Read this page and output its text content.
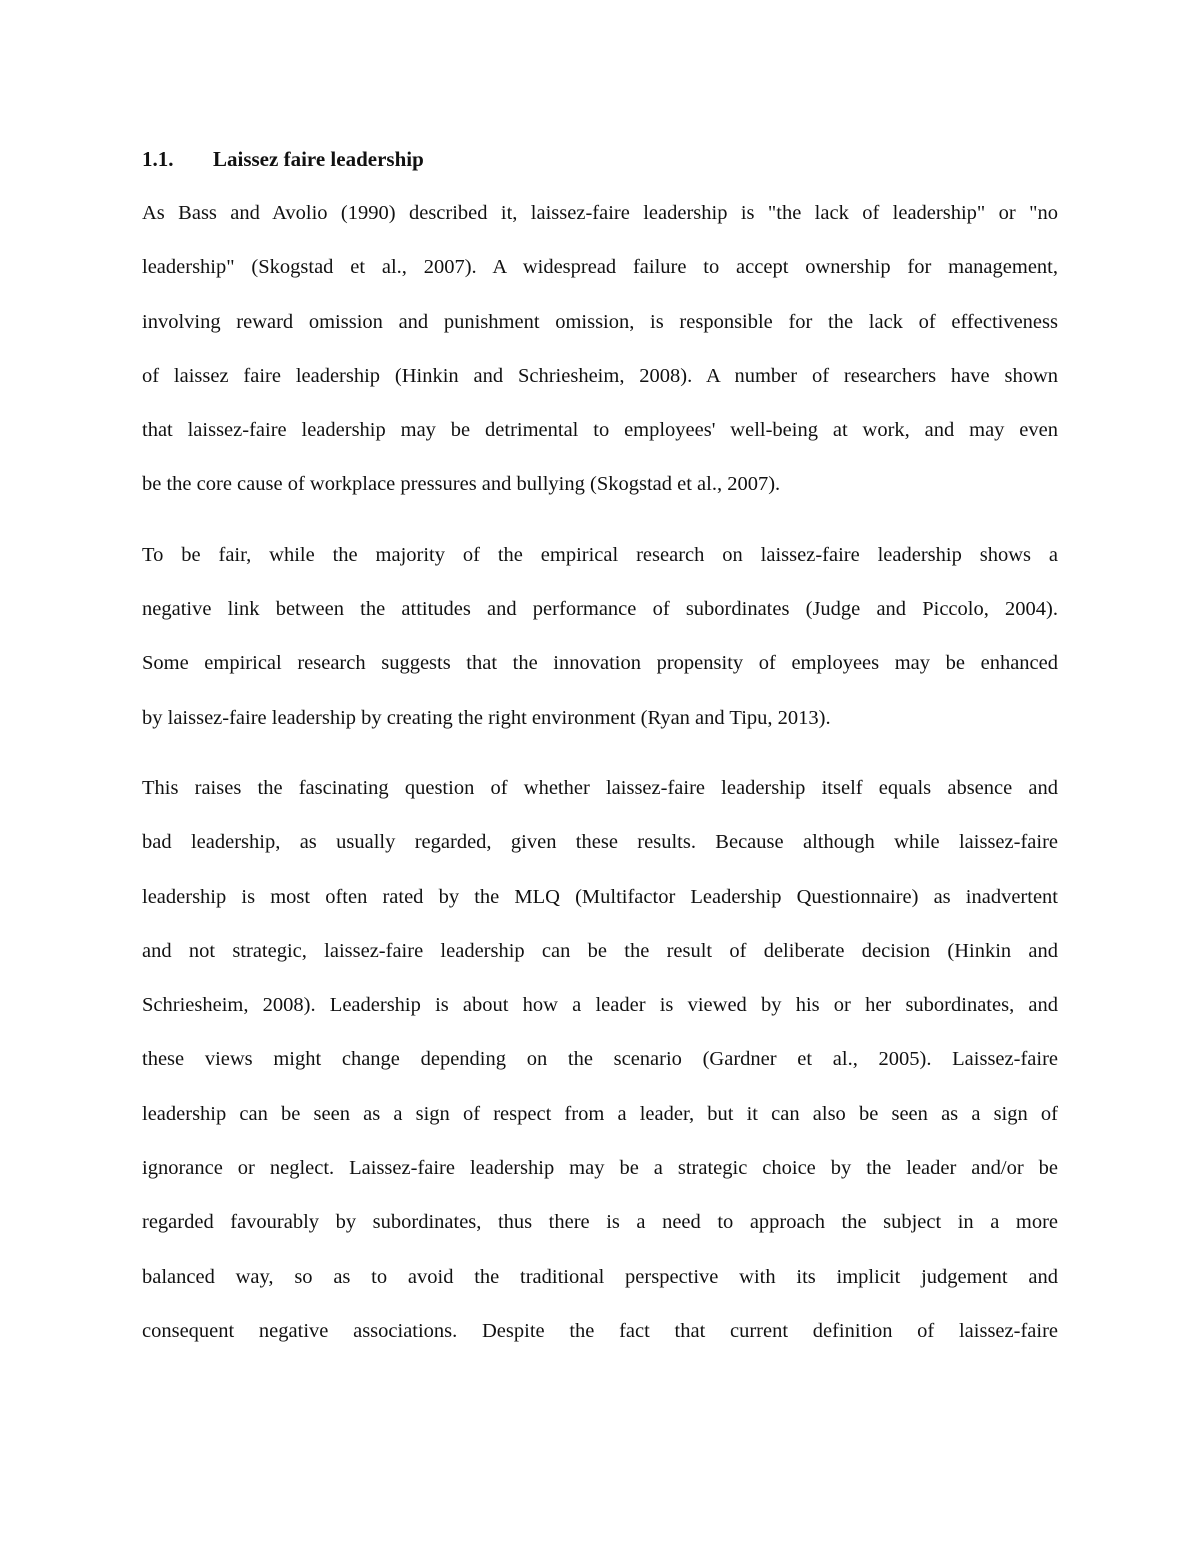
1.1.	Laissez faire leadership

As Bass and Avolio (1990) described it, laissez-faire leadership is "the lack of leadership" or "no
leadership" (Skogstad et al., 2007). A widespread failure to accept ownership for management,
involving reward omission and punishment omission, is responsible for the lack of effectiveness
of laissez faire leadership (Hinkin and Schriesheim, 2008). A number of researchers have shown
that laissez-faire leadership may be detrimental to employees' well-being at work, and may even
be the core cause of workplace pressures and bullying (Skogstad et al., 2007).

To be fair, while the majority of the empirical research on laissez-faire leadership shows a
negative link between the attitudes and performance of subordinates (Judge and Piccolo, 2004).
Some empirical research suggests that the innovation propensity of employees may be enhanced
by laissez-faire leadership by creating the right environment (Ryan and Tipu, 2013).

This raises the fascinating question of whether laissez-faire leadership itself equals absence and
bad leadership, as usually regarded, given these results. Because although while laissez-faire
leadership is most often rated by the MLQ (Multifactor Leadership Questionnaire) as inadvertent
and not strategic, laissez-faire leadership can be the result of deliberate decision (Hinkin and
Schriesheim, 2008). Leadership is about how a leader is viewed by his or her subordinates, and
these views might change depending on the scenario (Gardner et al., 2005). Laissez-faire
leadership can be seen as a sign of respect from a leader, but it can also be seen as a sign of
ignorance or neglect. Laissez-faire leadership may be a strategic choice by the leader and/or be
regarded favourably by subordinates, thus there is a need to approach the subject in a more
balanced way, so as to avoid the traditional perspective with its implicit judgement and
consequent negative associations. Despite the fact that current definition of laissez-faire
